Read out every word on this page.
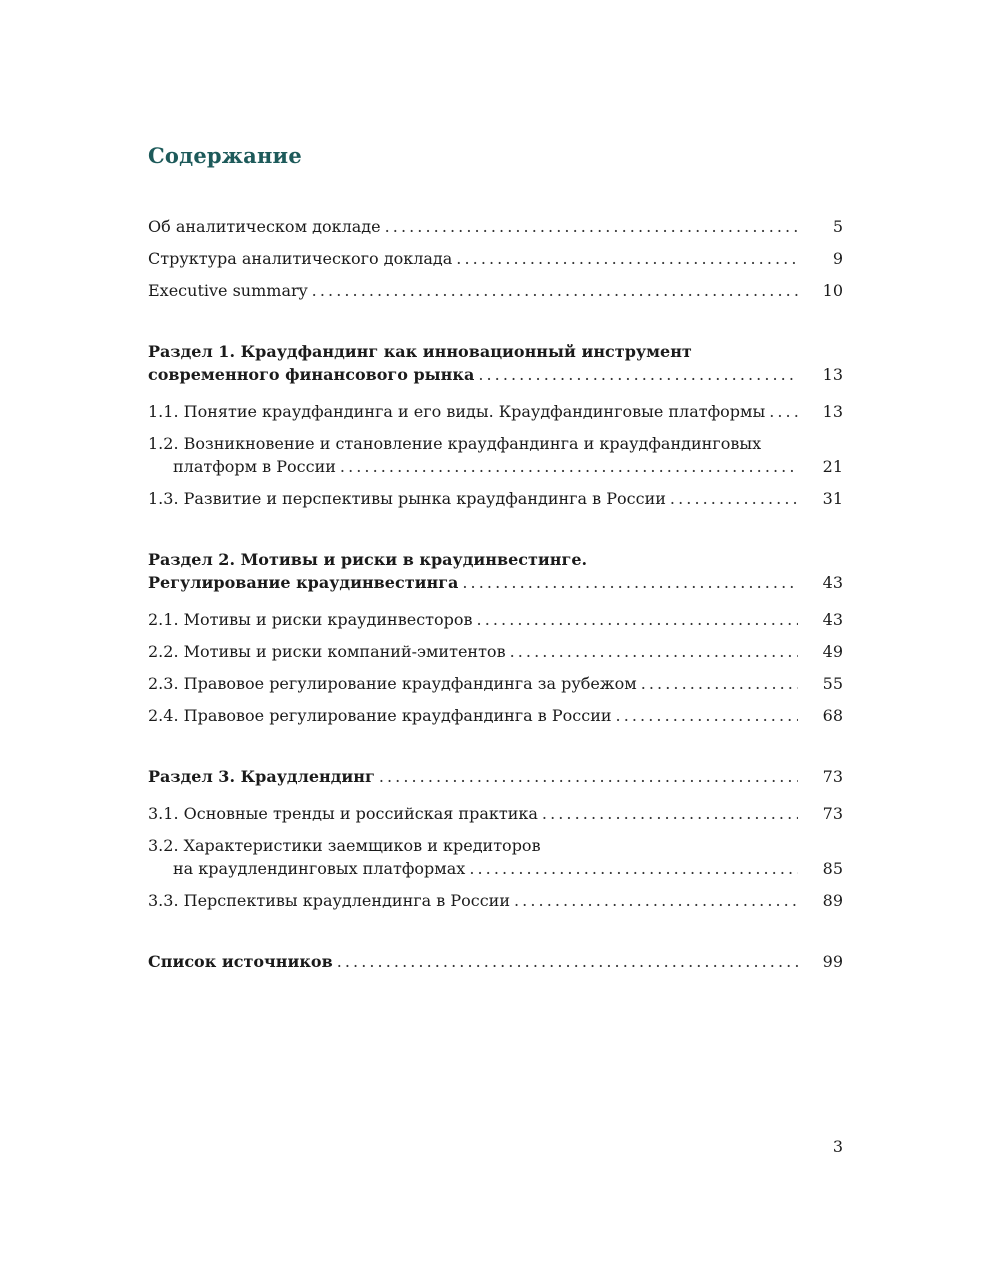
Содержание
Об аналитическом докладе . . .	5
Структура аналитического доклада . . .	9
Executive summary . . .	10
Раздел 1. Краудфандинг как инновационный инструмент
современного финансового рынка . . .	13
1.1. Понятие краудфандинга и его виды. Краудфандинговые платформы . . .	13
1.2. Возникновение и становление краудфандинга и краудфандинговых
платформ в России . . .	21
1.3. Развитие и перспективы рынка краудфандинга в России . . .	31
Раздел 2. Мотивы и риски в краудинвестинге.
Регулирование краудинвестинга . . .	43
2.1. Мотивы и риски краудинвесторов . . .	43
2.2. Мотивы и риски компаний-эмитентов . . .	49
2.3. Правовое регулирование краудфандинга за рубежом . . .	55
2.4. Правовое регулирование краудфандинга в России . . .	68
Раздел 3. Краудлендинг . . .	73
3.1. Основные тренды и российская практика . . .	73
3.2. Характеристики заемщиков и кредиторов
на краудлендинговых платформах . . .	85
3.3. Перспективы краудлендинга в России . . .	89
Список источников . . .	99
3
